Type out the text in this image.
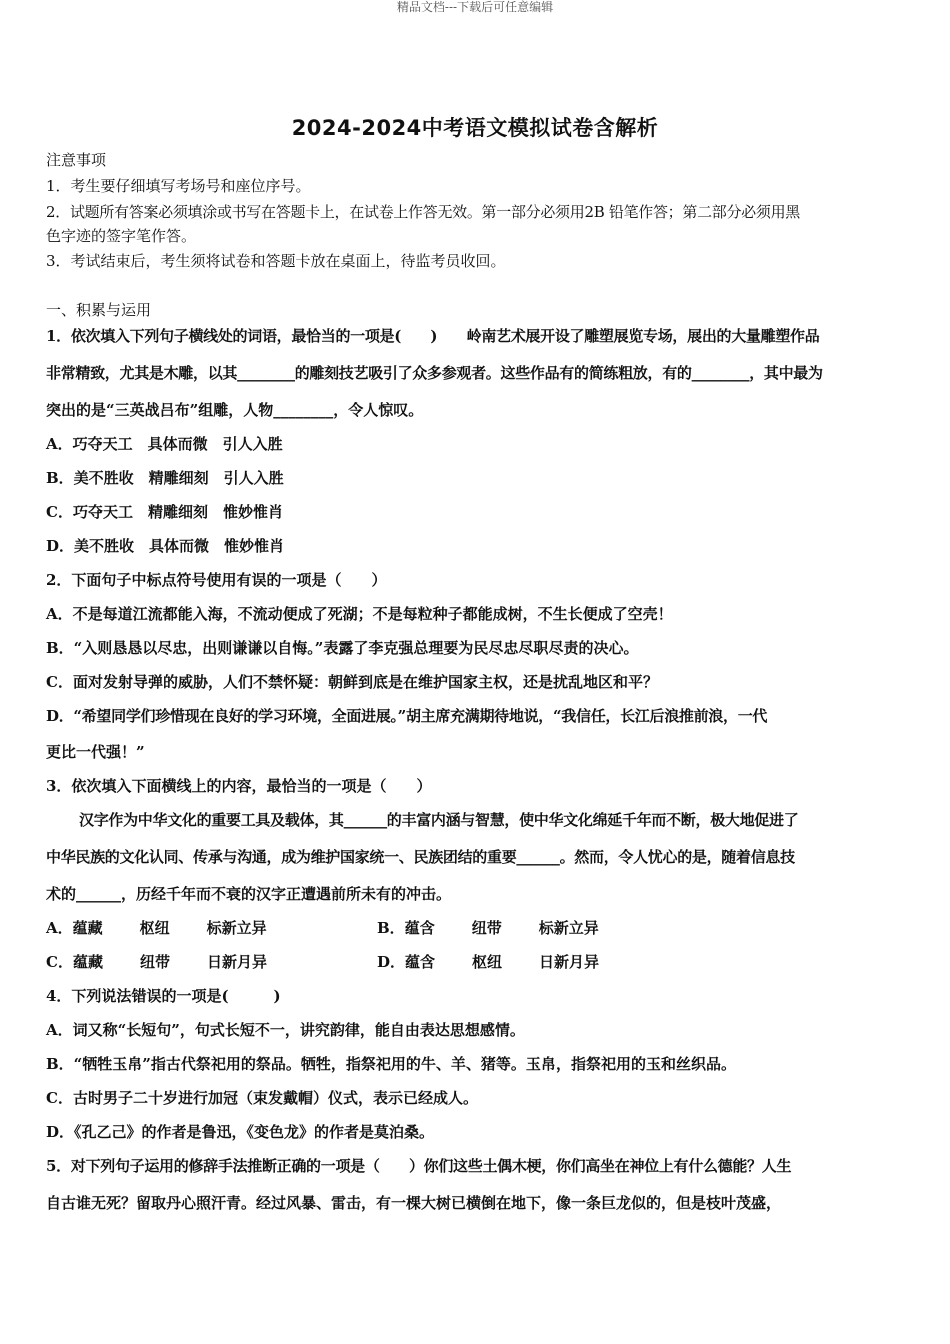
精品文档---下载后可任意编辑
2024-2024中考语文模拟试卷含解析
注意事项
1．考生要仔细填写考场号和座位序号。
2．试题所有答案必须填涂或书写在答题卡上，在试卷上作答无效。第一部分必须用2B 铅笔作答；第二部分必须用黑
色字迹的签字笔作答。
3．考试结束后，考生须将试卷和答题卡放在桌面上，待监考员收回。
一、积累与运用
1．依次填入下列句子横线处的词语，最恰当的一项是(　　)　　岭南艺术展开设了雕塑展览专场，展出的大量雕塑作品
非常精致，尤其是木雕，以其________的雕刻技艺吸引了众多参观者。这些作品有的简练粗放，有的________，其中最为
突出的是“三英战吕布”组雕，人物________，令人惊叹。
A．巧夺天工　具体而微　引人入胜
B．美不胜收　精雕细刻　引人入胜
C．巧夺天工　精雕细刻　惟妙惟肖
D．美不胜收　具体而微　惟妙惟肖
2．下面句子中标点符号使用有误的一项是（　　）
A．不是每道江流都能入海，不流动便成了死湖；不是每粒种子都能成树，不生长便成了空壳！
B．“入则恳恳以尽忠，出则谦谦以自悔。”表露了李克强总理要为民尽忠尽职尽责的决心。
C．面对发射导弹的威胁，人们不禁怀疑：朝鲜到底是在维护国家主权，还是扰乱地区和平？
D．“希望同学们珍惜现在良好的学习环境，全面进展。”胡主席充满期待地说，“我信任，长江后浪推前浪，一代
更比一代强！”
3．依次填入下面横线上的内容，最恰当的一项是（　　）
汉字作为中华文化的重要工具及载体，其______的丰富内涵与智慧，使中华文化绵延千年而不断，极大地促进了
中华民族的文化认同、传承与沟通，成为维护国家统一、民族团结的重要______。然而，令人忧心的是，随着信息技
术的______，历经千年而不衰的汉字正遭遇前所未有的冲击。
A．蕴藏 枢纽 标新立异	B．蕴含 纽带 标新立异
C．蕴藏 纽带 日新月异	D．蕴含 枢纽 日新月异
4．下列说法错误的一项是(　　　)
A．词又称“长短句”，句式长短不一，讲究韵律，能自由表达思想感情。
B．“牺牲玉帛”指古代祭祀用的祭品。牺牲，指祭祀用的牛、羊、猪等。玉帛，指祭祀用的玉和丝织品。
C．古时男子二十岁进行加冠（束发戴帽）仪式，表示已经成人。
D．《孔乙己》的作者是鲁迅，《变色龙》的作者是莫泊桑。
5．对下列句子运用的修辞手法推断正确的一项是（　　）你们这些土偶木梗，你们高坐在神位上有什么德能？人生
自古谁无死？留取丹心照汗青。经过风暴、雷击，有一棵大树已横倒在地下，像一条巨龙似的，但是枝叶茂盛，
